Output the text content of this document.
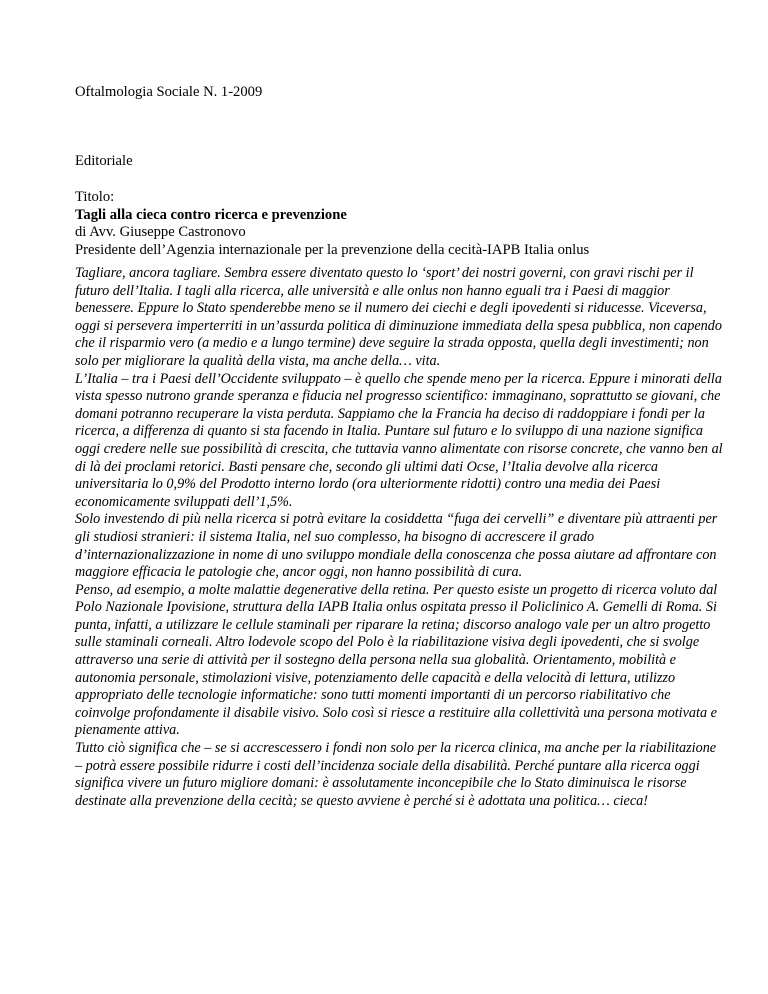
Oftalmologia Sociale N. 1-2009
Editoriale
Titolo:
Tagli alla cieca contro ricerca e prevenzione
di Avv. Giuseppe Castronovo
Presidente dell’Agenzia internazionale per la prevenzione della cecità-IAPB Italia onlus

Tagliare, ancora tagliare. Sembra essere diventato questo lo ‘sport’ dei nostri governi, con gravi rischi per il futuro dell’Italia. I tagli alla ricerca, alle università e alle onlus non hanno eguali tra i Paesi di maggior benessere. Eppure lo Stato spenderebbe meno se il numero dei ciechi e degli ipovedenti si riducesse. Viceversa, oggi si persevera imperterriti in un’assurda politica di diminuzione immediata della spesa pubblica, non capendo che il risparmio vero (a medio e a lungo termine) deve seguire la strada opposta, quella degli investimenti; non solo per migliorare la qualità della vista, ma anche della… vita.

L’Italia – tra i Paesi dell’Occidente sviluppato – è quello che spende meno per la ricerca. Eppure i minorati della vista spesso nutrono grande speranza e fiducia nel progresso scientifico: immaginano, soprattutto se giovani, che domani potranno recuperare la vista perduta. Sappiamo che la Francia ha deciso di raddoppiare i fondi per la ricerca, a differenza di quanto si sta facendo in Italia. Puntare sul futuro e lo sviluppo di una nazione significa oggi credere nelle sue possibilità di crescita, che tuttavia vanno alimentate con risorse concrete, che vanno ben al di là dei proclami retorici. Basti pensare che, secondo gli ultimi dati Ocse, l’Italia devolve alla ricerca universitaria lo 0,9% del Prodotto interno lordo (ora ulteriormente ridotti) contro una media dei Paesi economicamente sviluppati dell’1,5%.

Solo investendo di più nella ricerca si potrà evitare la cosiddetta “fuga dei cervelli” e diventare più attraenti per gli studiosi stranieri: il sistema Italia, nel suo complesso, ha bisogno di accrescere il grado d’internazionalizzazione in nome di uno sviluppo mondiale della conoscenza che possa aiutare ad affrontare con maggiore efficacia le patologie che, ancor oggi, non hanno possibilità di cura.

Penso, ad esempio, a molte malattie degenerative della retina. Per questo esiste un progetto di ricerca voluto dal Polo Nazionale Ipovisione, struttura della IAPB Italia onlus ospitata presso il Policlinico A. Gemelli di Roma. Si punta, infatti, a utilizzare le cellule staminali per riparare la retina; discorso analogo vale per un altro progetto sulle staminali corneali. Altro lodevole scopo del Polo è la riabilitazione visiva degli ipovedenti, che si svolge attraverso una serie di attività per il sostegno della persona nella sua globalità. Orientamento, mobilità e autonomia personale, stimolazioni visive, potenziamento delle capacità e della velocità di lettura, utilizzo appropriato delle tecnologie informatiche: sono tutti momenti importanti di un percorso riabilitativo che coinvolge profondamente il disabile visivo. Solo così si riesce a restituire alla collettività una persona motivata e pienamente attiva.

Tutto ciò significa che – se si accrescessero i fondi non solo per la ricerca clinica, ma anche per la riabilitazione – potrà essere possibile ridurre i costi dell’incidenza sociale della disabilità. Perché puntare alla ricerca oggi significa vivere un futuro migliore domani: è assolutamente inconcepibile che lo Stato diminuisca le risorse destinate alla prevenzione della cecità; se questo avviene è perché si è adottata una politica… cieca!
